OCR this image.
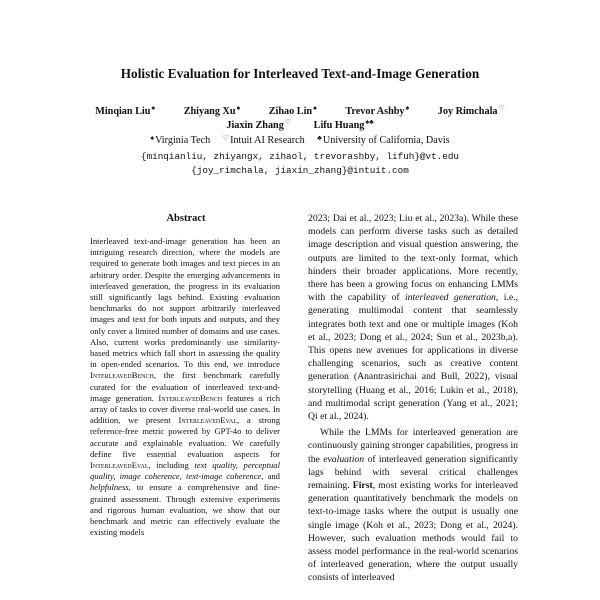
Holistic Evaluation for Interleaved Text-and-Image Generation
Minqian Liu♠	Zhiyang Xu♠	Zihao Lin♠	Trevor Ashby♠	Joy Rimchala♡
Jiaxin Zhang♡ Lifu Huang♠♣
♠Virginia Tech ♡Intuit AI Research ♣University of California, Davis
{minqianliu, zhiyangx, zihaol, trevorashby, lifuh}@vt.edu
{joy_rimchala, jiaxin_zhang}@intuit.com
Abstract
Interleaved text-and-image generation has been an intriguing research direction, where the models are required to generate both images and text pieces in an arbitrary order. Despite the emerging advancements in interleaved generation, the progress in its evaluation still significantly lags behind. Existing evaluation benchmarks do not support arbitrarily interleaved images and text for both inputs and outputs, and they only cover a limited number of domains and use cases. Also, current works predominantly use similarity-based metrics which fall short in assessing the quality in open-ended scenarios. To this end, we introduce InterleavedBench, the first benchmark carefully curated for the evaluation of interleaved text-and-image generation. InterleavedBench features a rich array of tasks to cover diverse real-world use cases. In addition, we present InterleavedEval, a strong reference-free metric powered by GPT-4o to deliver accurate and explainable evaluation. We carefully define five essential evaluation aspects for InterleavedEval, including text quality, perceptual quality, image coherence, text-image coherence, and helpfulness, to ensure a comprehensive and fine-grained assessment. Through extensive experiments and rigorous human evaluation, we show that our benchmark and metric can effectively evaluate the existing models

2023; Dai et al., 2023; Liu et al., 2023a). While these models can perform diverse tasks such as detailed image description and visual question answering, the outputs are limited to the text-only format, which hinders their broader applications. More recently, there has been a growing focus on enhancing LMMs with the capability of interleaved generation, i.e., generating multimodal content that seamlessly integrates both text and one or multiple images (Koh et al., 2023; Dong et al., 2024; Sun et al., 2023b,a). This opens new avenues for applications in diverse challenging scenarios, such as creative content generation (Anantrasirichai and Bull, 2022), visual storytelling (Huang et al., 2016; Lukin et al., 2018), and multimodal script generation (Yang et al., 2021; Qi et al., 2024).

While the LMMs for interleaved generation are continuously gaining stronger capabilities, progress in the evaluation of interleaved generation significantly lags behind with several critical challenges remaining. First, most existing works for interleaved generation quantitatively benchmark the models on text-to-image tasks where the output is usually one single image (Koh et al., 2023; Dong et al., 2024). However, such evaluation methods would fail to assess model performance in the real-world scenarios of interleaved generation, where the output usually consists of interleaved
